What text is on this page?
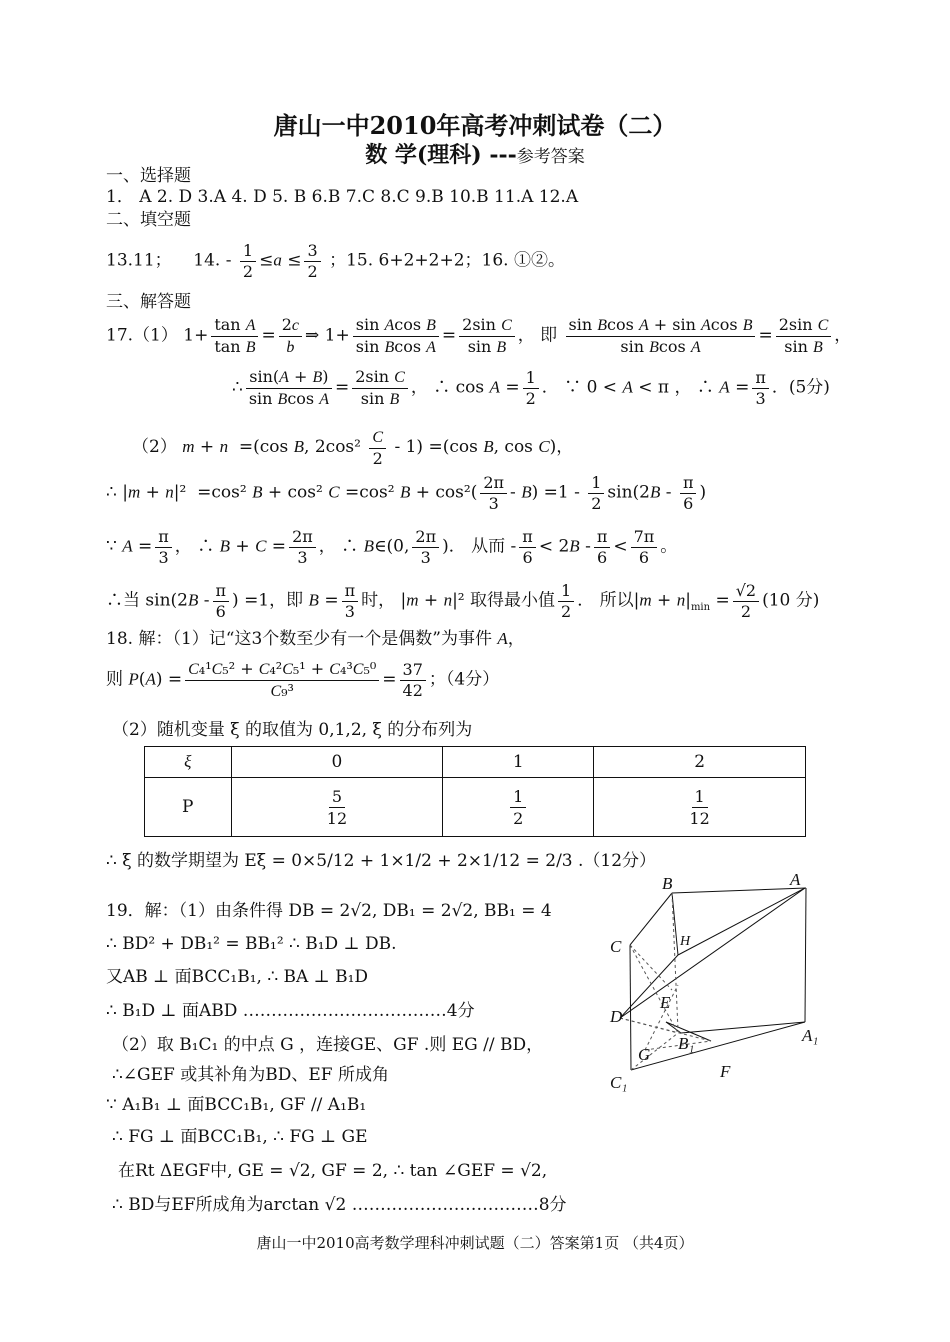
唐山一中2010年高考冲刺试卷（二）
数 学(理科) ---参考答案
一、选择题
1． A 2. D 3.A 4. D 5. B 6.B 7.C 8.C 9.B 10.B 11.A 12.A
二、填空题
13.11； 14. - $\frac{1}{2} \le a \le \frac{3}{2}$ ；15. 6+2+2+2；16. ①②。
三、解答题
17.（1） $1+ \frac{\text{tan A}}{\text{tan B}} = \frac{2c}{b}$ ⇒ $1+ \frac{\text{sin Acos B}}{\text{sin Bcos A}} = \frac{\text{2sin C}}{\text{sin B}}$ ， 即 $\frac{\text{sin Bcos A + sin Acos B}}{\text{sin Bcos A}} = \frac{\text{2sin C}}{\text{sin B}}$ ，
∴ $\frac{\sin(A + B)}{\text{sin Bcos A}} = \frac{\text{2sin C}}{\text{sin B}}$ ， ∴ $\cos A = \frac{1}{2}$ ． ∵ 0 < A < π ， ∴ $A = \frac{\pi}{3}$ ．(5分)
（2） m + n  =(cos B, $2\cos^2 \frac{C}{2} - 1) =(\cos$ B, cos C)，
∴ |m + n|²  =cos² B + cos² C =cos² $B + \cos^2( \frac{2\pi}{3} - B) =1 - \frac{1}{2} \sin(2B - \frac{\pi}{6}$ )
∵ $A = \frac{\pi}{3}$ ， ∴ $B + C = \frac{2\pi}{3}$ ， ∴ B∈(0, $\frac{2\pi}{3}$ )． 从而 - $\frac{\pi}{6} < 2B - \frac{\pi}{6} < \frac{7\pi}{6}$ 。
∴当 $\sin(2B - \frac{\pi}{6}$ ) =1，即 $B = \frac{\pi}{3}$ 时， |m + n|² 取得最小值 $\frac{1}{2}$ ． 所以$|m + n|_{min} = \frac{√2}{2} (10$ 分)
18. 解：（1）记“这3个数至少有一个是偶数”为事件 A，
则 $P(A) = \frac{\text{C₄¹C₅² + C₄²C₅¹ + C₄³C₅⁰}}{\text{C₉³}} = \frac{37}{42}$ ；（4分）
（2）随机变量 ξ 的取值为 0,1,2, ξ 的分布列为
ξ	0	1	2
P	$\frac{5}{12}$	$\frac{1}{2}$	$\frac{1}{12}$
∴ ξ 的数学期望为 Eξ = 0×5/12 + 1×1/2 + 2×1/12 = 2/3 .（12分）
19．解：（1）由条件得 DB = 2√2, DB₁ = 2√2, BB₁ = 4
∴ BD² + DB₁² = BB₁² ∴ B₁D ⊥ DB.
又AB ⊥ 面BCC₁B₁, ∴ BA ⊥ B₁D
∴ B₁D ⊥ 面ABD ………………………………4分
（2）取 B₁C₁ 的中点 G ，连接GE、GF .则 EG // BD，
∴∠GEF 或其补角为BD、EF 所成角
∵ A₁B₁ ⊥ 面BCC₁B₁, GF // A₁B₁
∴ FG ⊥ 面BCC₁B₁, ∴ FG ⊥ GE
在Rt ΔEGF中, GE = √2, GF = 2, ∴ tan ∠GEF = √2,
∴ BD与EF所成角为arctan √2 ……………………………8分
B	A
C	H
E
D
B₁	A₁
G
F
C₁
唐山一中2010高考数学理科冲刺试题（二）答案第1页 （共4页）
